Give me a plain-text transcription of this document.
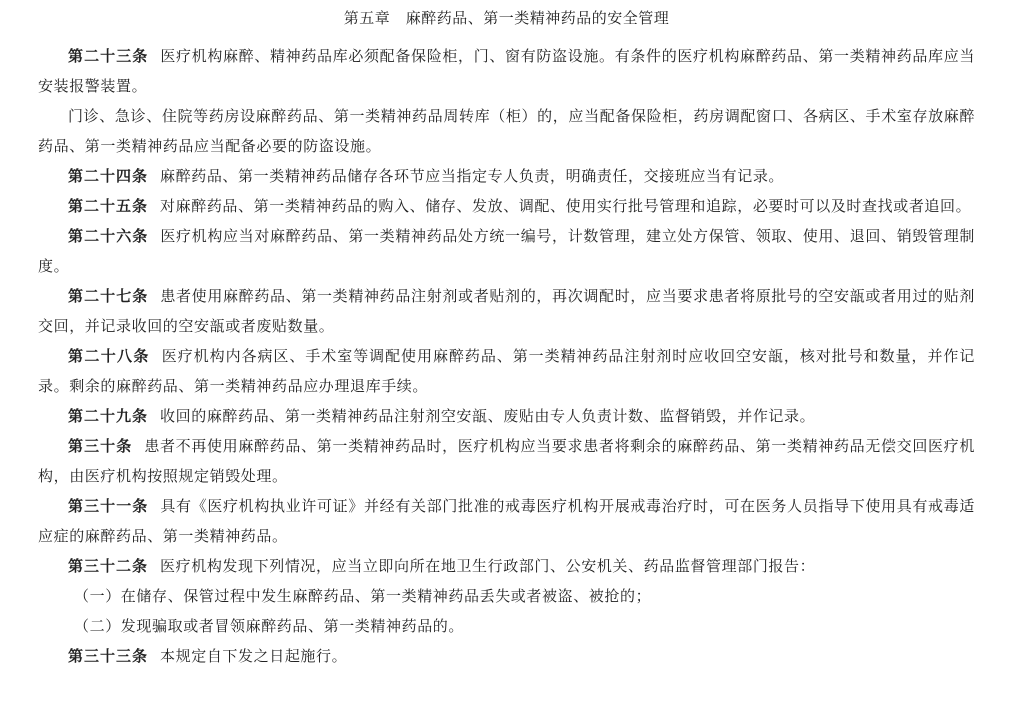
第五章　麻醉药品、第一类精神药品的安全管理

第二十三条 医疗机构麻醉、精神药品库必须配备保险柜，门、窗有防盗设施。有条件的医疗机构麻醉药品、第一类精神药品库应当安装报警装置。

门诊、急诊、住院等药房设麻醉药品、第一类精神药品周转库（柜）的，应当配备保险柜，药房调配窗口、各病区、手术室存放麻醉药品、第一类精神药品应当配备必要的防盗设施。

第二十四条 麻醉药品、第一类精神药品储存各环节应当指定专人负责，明确责任，交接班应当有记录。

第二十五条 对麻醉药品、第一类精神药品的购入、储存、发放、调配、使用实行批号管理和追踪，必要时可以及时查找或者追回。

第二十六条 医疗机构应当对麻醉药品、第一类精神药品处方统一编号，计数管理，建立处方保管、领取、使用、退回、销毁管理制度。

第二十七条 患者使用麻醉药品、第一类精神药品注射剂或者贴剂的，再次调配时，应当要求患者将原批号的空安瓿或者用过的贴剂交回，并记录收回的空安瓿或者废贴数量。

第二十八条 医疗机构内各病区、手术室等调配使用麻醉药品、第一类精神药品注射剂时应收回空安瓿，核对批号和数量，并作记录。剩余的麻醉药品、第一类精神药品应办理退库手续。

第二十九条 收回的麻醉药品、第一类精神药品注射剂空安瓿、废贴由专人负责计数、监督销毁，并作记录。

第三十条 患者不再使用麻醉药品、第一类精神药品时，医疗机构应当要求患者将剩余的麻醉药品、第一类精神药品无偿交回医疗机构，由医疗机构按照规定销毁处理。

第三十一条 具有《医疗机构执业许可证》并经有关部门批准的戒毒医疗机构开展戒毒治疗时，可在医务人员指导下使用具有戒毒适应症的麻醉药品、第一类精神药品。

第三十二条 医疗机构发现下列情况，应当立即向所在地卫生行政部门、公安机关、药品监督管理部门报告：

（一）在储存、保管过程中发生麻醉药品、第一类精神药品丢失或者被盗、被抢的；

（二）发现骗取或者冒领麻醉药品、第一类精神药品的。

第三十三条 本规定自下发之日起施行。
